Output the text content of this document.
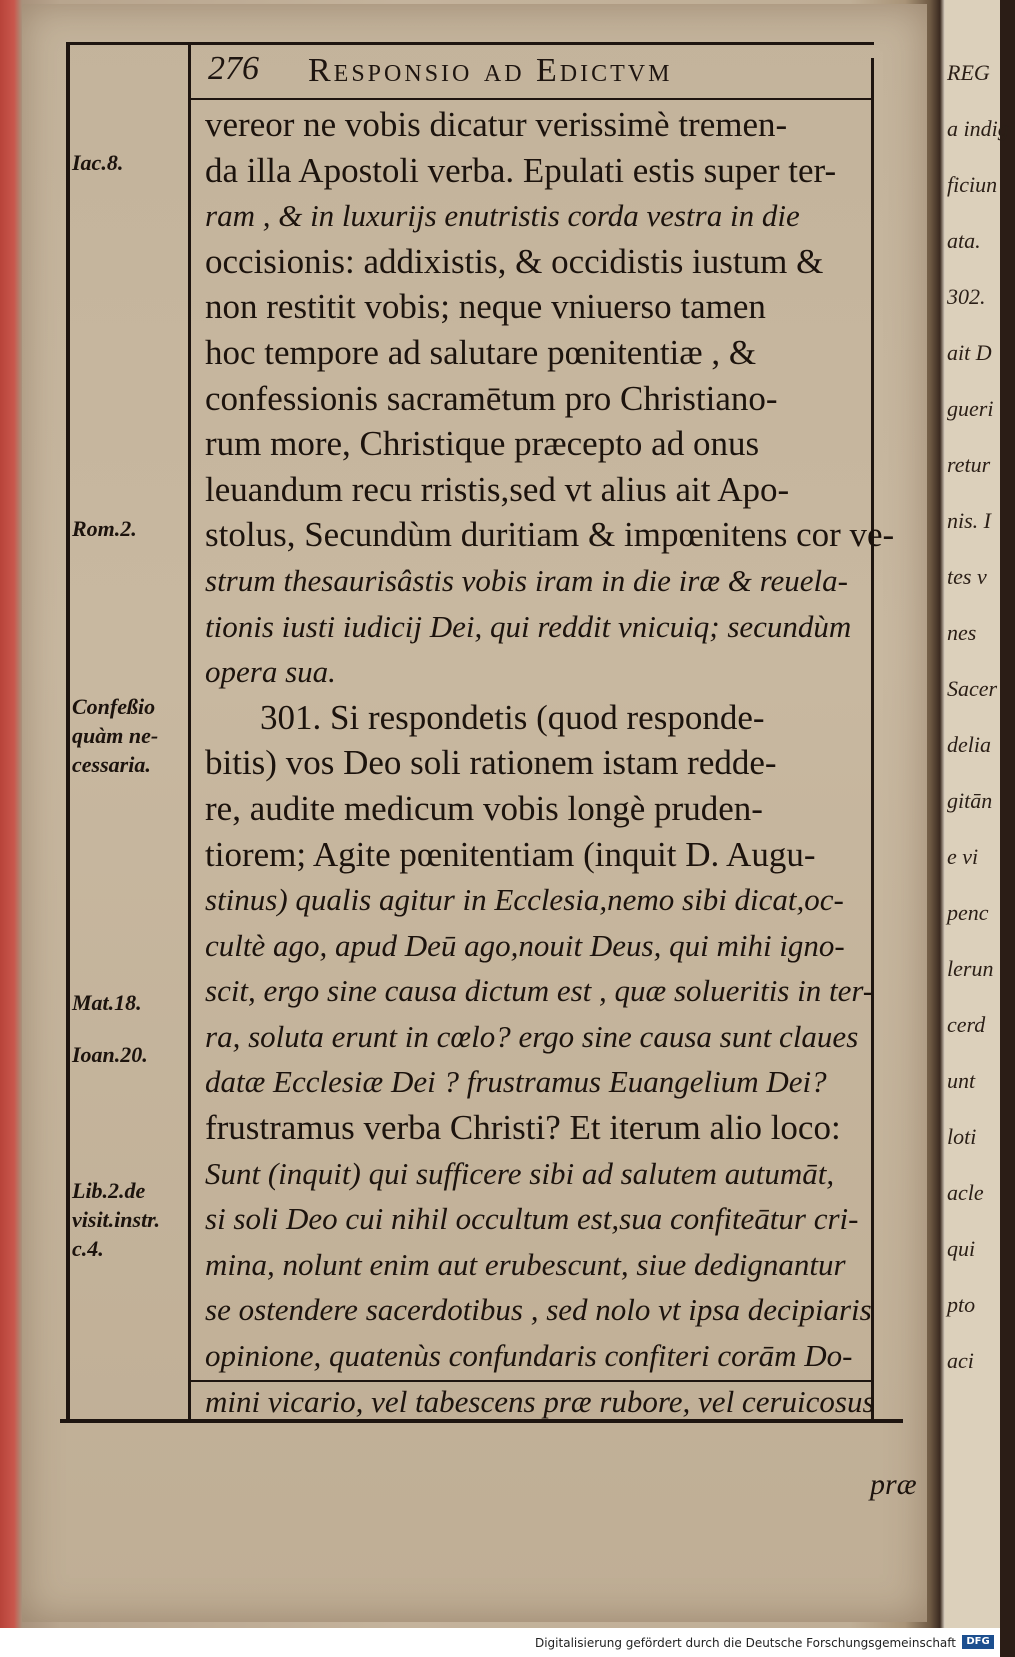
REG
a indigi
ficiun
ata.
302.
ait D
gueri
retur
nis. I
tes v
nes
Sacer
delia
gitān
e vi
penc
lerun
cerd
unt
loti
acle
qui
pto
aci
276 Responsio ad Edictvm
Iac.8.
Rom.2.
Confeßio
quàm ne-
cessaria.
Mat.18.
Ioan.20.
Lib.2.de
visit.instr.
c.4.
vereor ne vobis dicatur verissimè tremen-
da illa Apostoli verba. Epulati estis super ter-
ram , & in luxurijs enutristis corda vestra in die
occisionis: addixistis, & occidistis iustum &
non restitit vobis; neque vniuerso tamen
hoc tempore ad salutare pœnitentiæ , &
confessionis sacramētum pro Christiano-
rum more, Christique præcepto ad onus
leuandum recu rristis,sed vt alius ait Apo-
stolus, Secundùm duritiam & impœnitens cor ve-
strum thesaurisâstis vobis iram in die iræ & reuela-
tionis iusti iudicij Dei, qui reddit vnicuiq; secundùm
opera sua.
301. Si respondetis (quod responde-
bitis) vos Deo soli rationem istam redde-
re, audite medicum vobis longè pruden-
tiorem; Agite pœnitentiam (inquit D. Augu-
stinus) qualis agitur in Ecclesia,nemo sibi dicat,oc-
cultè ago, apud Deū ago,nouit Deus, qui mihi igno-
scit, ergo sine causa dictum est , quæ solueritis in ter-
ra, soluta erunt in cœlo? ergo sine causa sunt claues
datæ Ecclesiæ Dei ? frustramus Euangelium Dei?
frustramus verba Christi? Et iterum alio loco:
Sunt (inquit) qui sufficere sibi ad salutem autumāt,
si soli Deo cui nihil occultum est,sua confiteātur cri-
mina, nolunt enim aut erubescunt, siue dedignantur
se ostendere sacerdotibus , sed nolo vt ipsa decipiaris
opinione, quatenùs confundaris confiteri corām Do-
mini vicario, vel tabescens præ rubore, vel ceruicosus
præ
Digitalisierung gefördert durch die Deutsche Forschungsgemeinschaft	DFG
